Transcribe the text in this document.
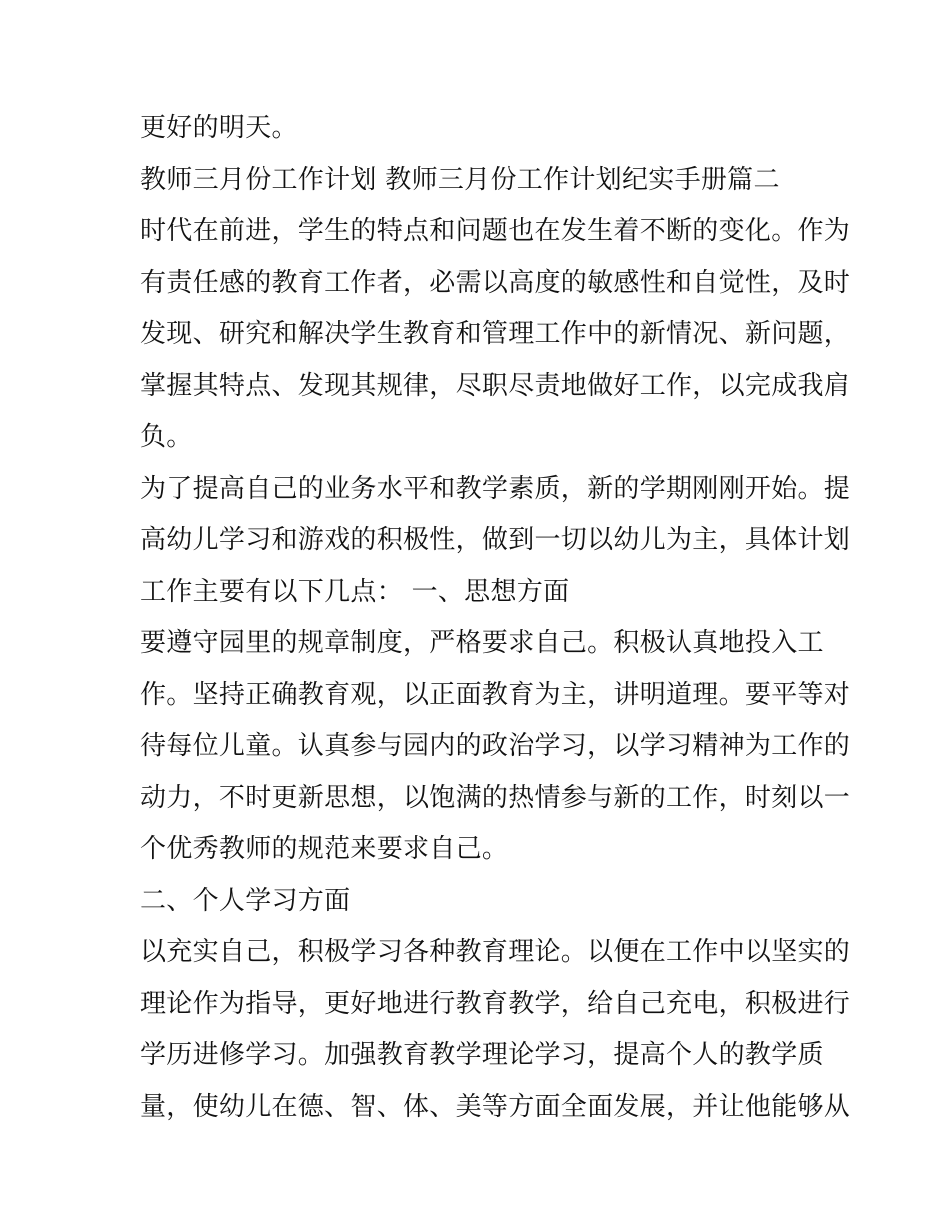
更好的明天。
教师三月份工作计划 教师三月份工作计划纪实手册篇二
时代在前进，学生的特点和问题也在发生着不断的变化。作为
有责任感的教育工作者，必需以高度的敏感性和自觉性，及时
发现、研究和解决学生教育和管理工作中的新情况、新问题，
掌握其特点、发现其规律，尽职尽责地做好工作，以完成我肩
负。
为了提高自己的业务水平和教学素质，新的学期刚刚开始。提
高幼儿学习和游戏的积极性，做到一切以幼儿为主，具体计划
工作主要有以下几点： 一、思想方面
要遵守园里的规章制度，严格要求自己。积极认真地投入工
作。坚持正确教育观，以正面教育为主，讲明道理。要平等对
待每位儿童。认真参与园内的政治学习，以学习精神为工作的
动力，不时更新思想，以饱满的热情参与新的工作，时刻以一
个优秀教师的规范来要求自己。
二、个人学习方面
以充实自己，积极学习各种教育理论。以便在工作中以坚实的
理论作为指导，更好地进行教育教学，给自己充电，积极进行
学历进修学习。加强教育教学理论学习，提高个人的教学质
量，使幼儿在德、智、体、美等方面全面发展，并让他能够从
